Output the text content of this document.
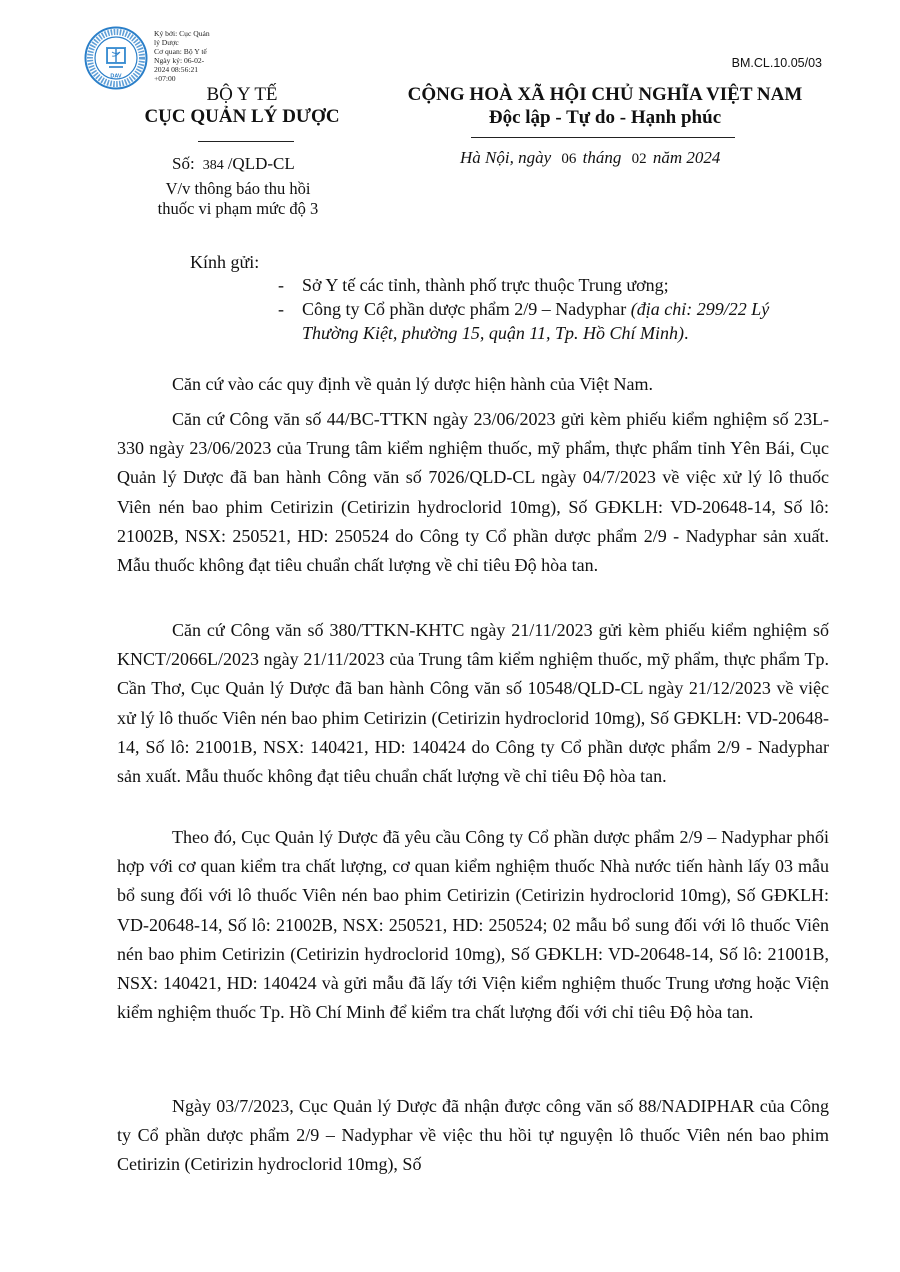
DAV
Ký bởi: Cục Quản
lý Dược
Cơ quan: Bộ Y tế
Ngày ký: 06-02-
2024 08:56:21
+07:00
BM.CL.10.05/03
BỘ Y TẾ
CỤC QUẢN LÝ DƯỢC
CỘNG HOÀ XÃ HỘI CHỦ NGHĨA VIỆT NAM
Độc lập - Tự do - Hạnh phúc
Số: 384 /QLD-CL	Hà Nội, ngày 06 tháng 02 năm 2024
V/v thông báo thu hồi thuốc vi phạm mức độ 3
Kính gửi:
- Sở Y tế các tỉnh, thành phố trực thuộc Trung ương;
- Công ty Cổ phần dược phẩm 2/9 – Nadyphar (địa chỉ: 299/22 Lý Thường Kiệt, phường 15, quận 11, Tp. Hồ Chí Minh).

Căn cứ vào các quy định về quản lý dược hiện hành của Việt Nam.

Căn cứ Công văn số 44/BC-TTKN ngày 23/06/2023 gửi kèm phiếu kiểm nghiệm số 23L-330 ngày 23/06/2023 của Trung tâm kiểm nghiệm thuốc, mỹ phẩm, thực phẩm tỉnh Yên Bái, Cục Quản lý Dược đã ban hành Công văn số 7026/QLD-CL ngày 04/7/2023 về việc xử lý lô thuốc Viên nén bao phim Cetirizin (Cetirizin hydroclorid 10mg), Số GĐKLH: VD-20648-14, Số lô: 21002B, NSX: 250521, HD: 250524 do Công ty Cổ phần dược phẩm 2/9 - Nadyphar sản xuất. Mẫu thuốc không đạt tiêu chuẩn chất lượng về chỉ tiêu Độ hòa tan.

Căn cứ Công văn số 380/TTKN-KHTC ngày 21/11/2023 gửi kèm phiếu kiểm nghiệm số KNCT/2066L/2023 ngày 21/11/2023 của Trung tâm kiểm nghiệm thuốc, mỹ phẩm, thực phẩm Tp. Cần Thơ, Cục Quản lý Dược đã ban hành Công văn số 10548/QLD-CL ngày 21/12/2023 về việc xử lý lô thuốc Viên nén bao phim Cetirizin (Cetirizin hydroclorid 10mg), Số GĐKLH: VD-20648-14, Số lô: 21001B, NSX: 140421, HD: 140424 do Công ty Cổ phần dược phẩm 2/9 - Nadyphar sản xuất. Mẫu thuốc không đạt tiêu chuẩn chất lượng về chỉ tiêu Độ hòa tan.

Theo đó, Cục Quản lý Dược đã yêu cầu Công ty Cổ phần dược phẩm 2/9 – Nadyphar phối hợp với cơ quan kiểm tra chất lượng, cơ quan kiểm nghiệm thuốc Nhà nước tiến hành lấy 03 mẫu bổ sung đối với lô thuốc Viên nén bao phim Cetirizin (Cetirizin hydroclorid 10mg), Số GĐKLH: VD-20648-14, Số lô: 21002B, NSX: 250521, HD: 250524; 02 mẫu bổ sung đối với lô thuốc Viên nén bao phim Cetirizin (Cetirizin hydroclorid 10mg), Số GĐKLH: VD-20648-14, Số lô: 21001B, NSX: 140421, HD: 140424 và gửi mẫu đã lấy tới Viện kiểm nghiệm thuốc Trung ương hoặc Viện kiểm nghiệm thuốc Tp. Hồ Chí Minh để kiểm tra chất lượng đối với chỉ tiêu Độ hòa tan.

Ngày 03/7/2023, Cục Quản lý Dược đã nhận được công văn số 88/NADIPHAR của Công ty Cổ phần dược phẩm 2/9 – Nadyphar về việc thu hồi tự nguyện lô thuốc Viên nén bao phim Cetirizin (Cetirizin hydroclorid 10mg), Số
